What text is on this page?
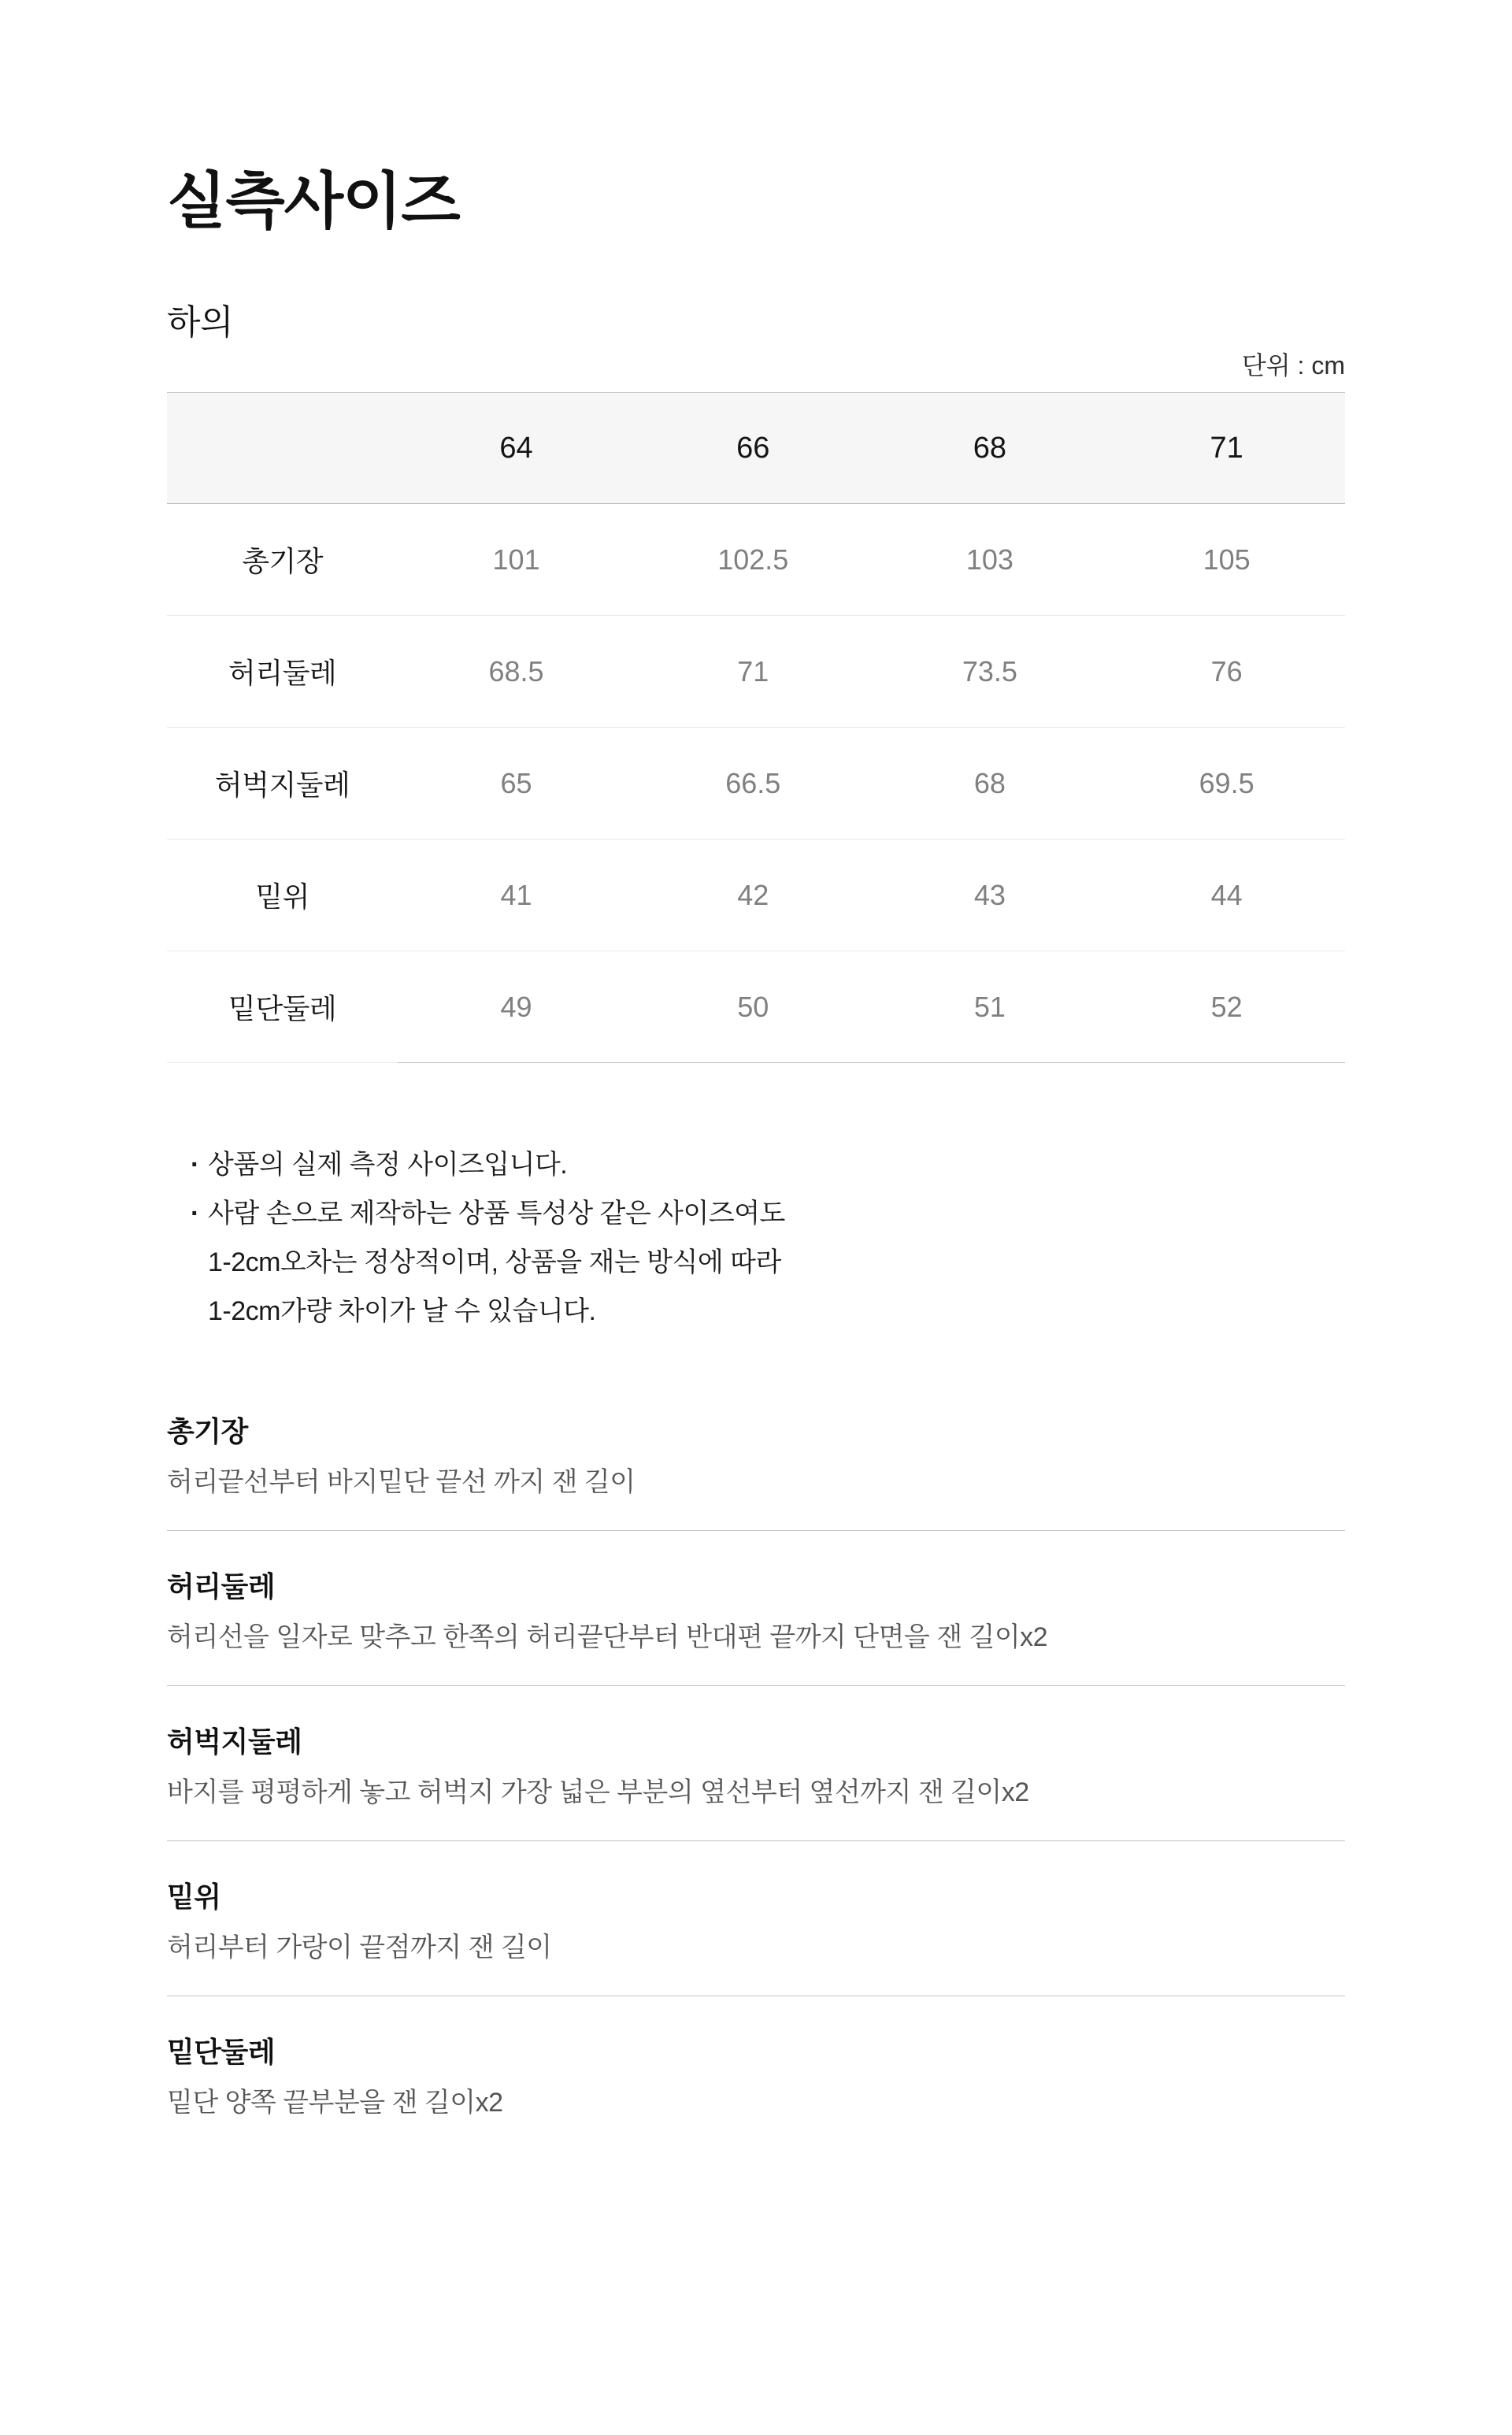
실측사이즈
하의
단위 : cm
	64	66	68	71
총기장	101	102.5	103	105
허리둘레	68.5	71	73.5	76
허벅지둘레	65	66.5	68	69.5
밑위	41	42	43	44
밑단둘레	49	50	51	52
· 상품의 실제 측정 사이즈입니다.
· 사람 손으로 제작하는 상품 특성상 같은 사이즈여도
1-2cm오차는 정상적이며, 상품을 재는 방식에 따라
1-2cm가량 차이가 날 수 있습니다.
총기장

허리끝선부터 바지밑단 끝선 까지 잰 길이

허리둘레

허리선을 일자로 맞추고 한쪽의 허리끝단부터 반대편 끝까지 단면을 잰 길이x2

허벅지둘레

바지를 평평하게 놓고 허벅지 가장 넓은 부분의 옆선부터 옆선까지 잰 길이x2

밑위

허리부터 가랑이 끝점까지 잰 길이

밑단둘레

밑단 양쪽 끝부분을 잰 길이x2
